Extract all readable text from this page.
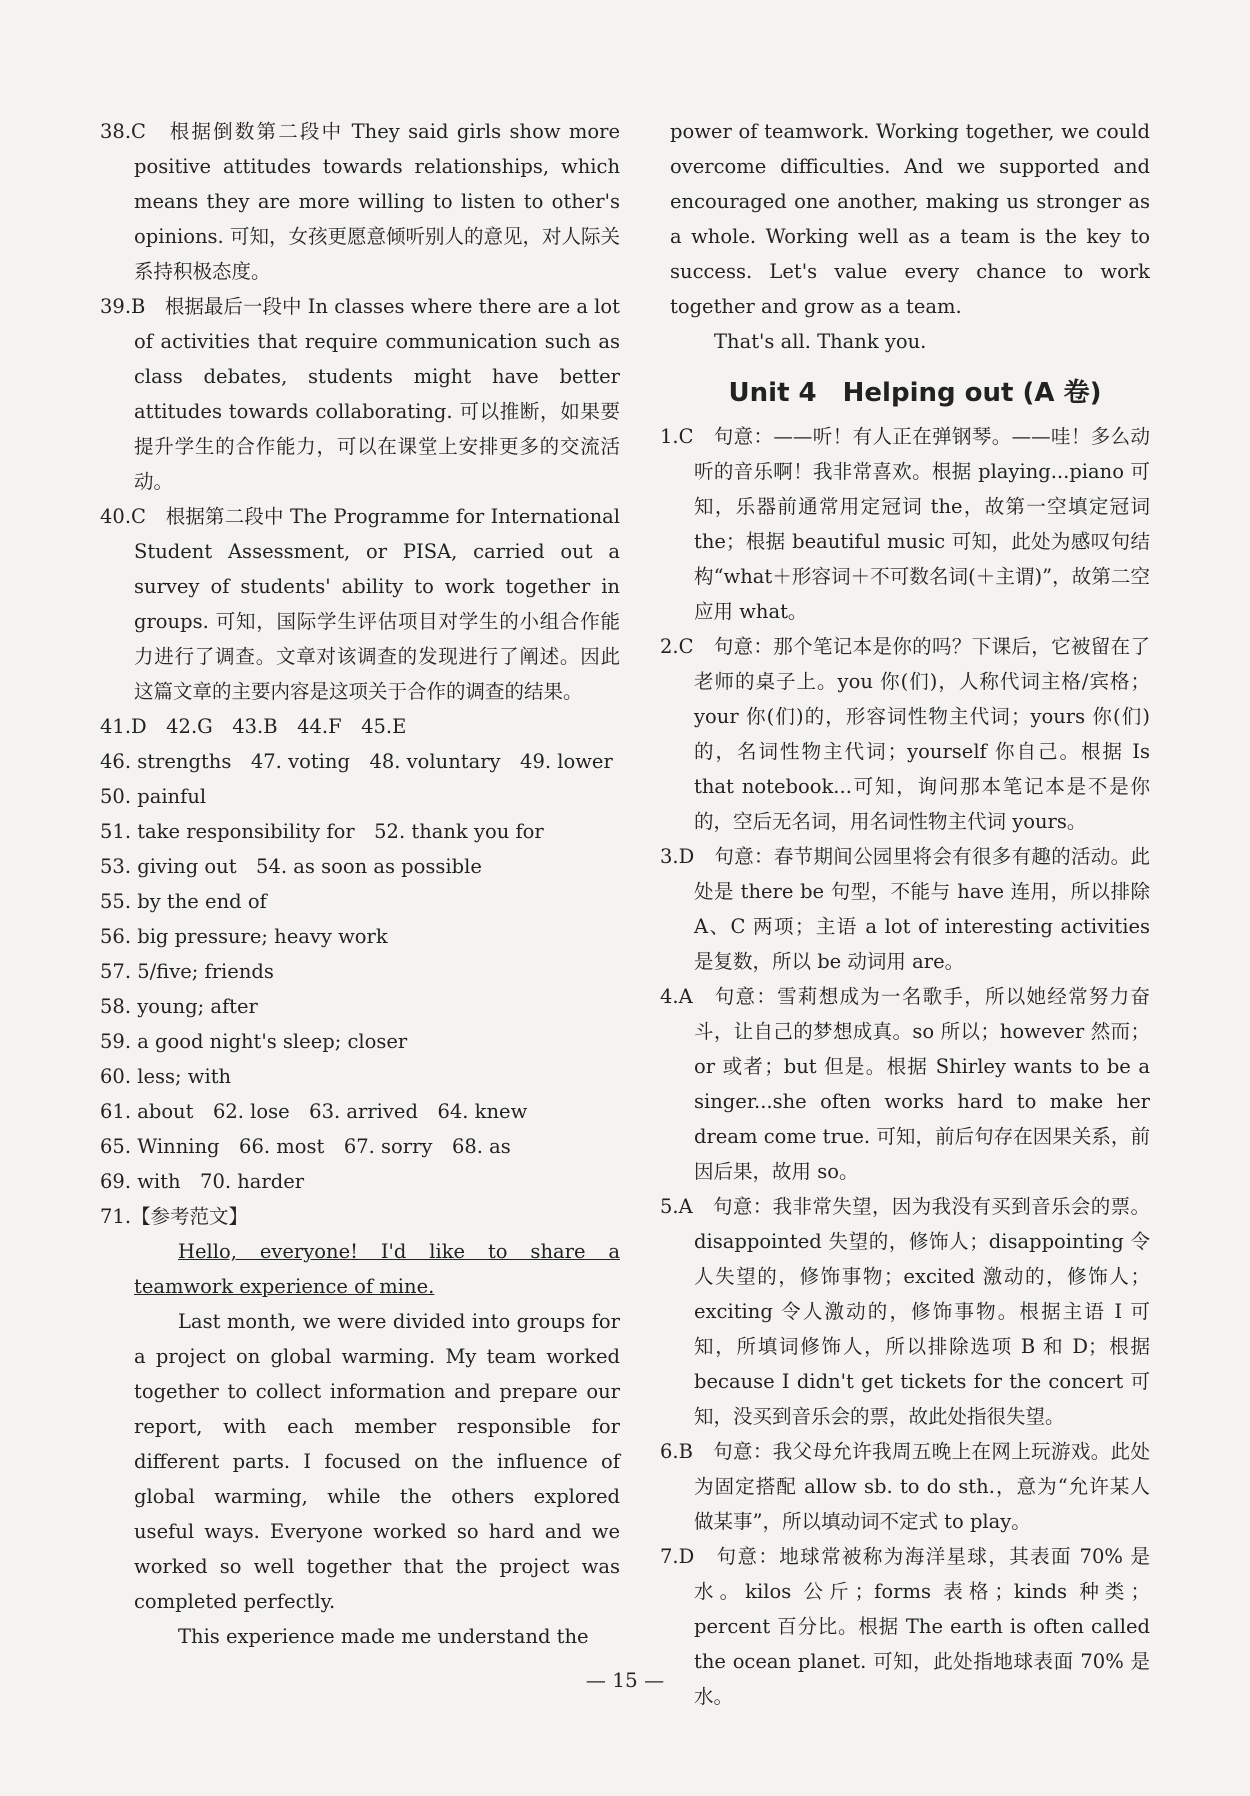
38.C　根据倒数第二段中 They said girls show more positive attitudes towards relationships, which means they are more willing to listen to other's opinions. 可知，女孩更愿意倾听别人的意见，对人际关系持积极态度。
39.B　根据最后一段中 In classes where there are a lot of activities that require communication such as class debates, students might have better attitudes towards collaborating. 可以推断，如果要提升学生的合作能力，可以在课堂上安排更多的交流活动。
40.C　根据第二段中 The Programme for International Student Assessment, or PISA, carried out a survey of students' ability to work together in groups. 可知，国际学生评估项目对学生的小组合作能力进行了调查。文章对该调查的发现进行了阐述。因此这篇文章的主要内容是这项关于合作的调查的结果。
41.D　42.G　43.B　44.F　45.E
46. strengths　47. voting　48. voluntary　49. lower
50. painful
51. take responsibility for　52. thank you for
53. giving out　54. as soon as possible
55. by the end of
56. big pressure; heavy work
57. 5/five; friends
58. young; after
59. a good night's sleep; closer
60. less; with
61. about　62. lose　63. arrived　64. knew
65. Winning　66. most　67. sorry　68. as
69. with　70. harder
71.【参考范文】

Hello, everyone! I'd like to share a teamwork experience of mine.

Last month, we were divided into groups for a project on global warming. My team worked together to collect information and prepare our report, with each member responsible for different parts. I focused on the influence of global warming, while the others explored useful ways. Everyone worked so hard and we worked so well together that the project was completed perfectly.

This experience made me understand the

power of teamwork. Working together, we could overcome difficulties. And we supported and encouraged one another, making us stronger as a whole. Working well as a team is the key to success. Let's value every chance to work together and grow as a team.

That's all. Thank you.

Unit 4　Helping out (A 卷)
1.C　句意：——听！有人正在弹钢琴。——哇！多么动听的音乐啊！我非常喜欢。根据 playing...piano 可知，乐器前通常用定冠词 the，故第一空填定冠词 the；根据 beautiful music 可知，此处为感叹句结构“what＋形容词＋不可数名词(＋主谓)”，故第二空应用 what。
2.C　句意：那个笔记本是你的吗？下课后，它被留在了老师的桌子上。you 你(们)，人称代词主格/宾格；your 你(们)的，形容词性物主代词；yours 你(们)的，名词性物主代词；yourself 你自己。根据 Is that notebook...可知，询问那本笔记本是不是你的，空后无名词，用名词性物主代词 yours。
3.D　句意：春节期间公园里将会有很多有趣的活动。此处是 there be 句型，不能与 have 连用，所以排除 A、C 两项；主语 a lot of interesting activities 是复数，所以 be 动词用 are。
4.A　句意：雪莉想成为一名歌手，所以她经常努力奋斗，让自己的梦想成真。so 所以；however 然而；or 或者；but 但是。根据 Shirley wants to be a singer...she often works hard to make her dream come true. 可知，前后句存在因果关系，前因后果，故用 so。
5.A　句意：我非常失望，因为我没有买到音乐会的票。disappointed 失望的，修饰人；disappointing 令人失望的，修饰事物；excited 激动的，修饰人；exciting 令人激动的，修饰事物。根据主语 I 可知，所填词修饰人，所以排除选项 B 和 D；根据 because I didn't get tickets for the concert 可知，没买到音乐会的票，故此处指很失望。
6.B　句意：我父母允许我周五晚上在网上玩游戏。此处为固定搭配 allow sb. to do sth.，意为“允许某人做某事”，所以填动词不定式 to play。
7.D　句意：地球常被称为海洋星球，其表面 70% 是水。kilos 公斤；forms 表格；kinds 种类；percent 百分比。根据 The earth is often called the ocean planet. 可知，此处指地球表面 70% 是水。
— 15 —
